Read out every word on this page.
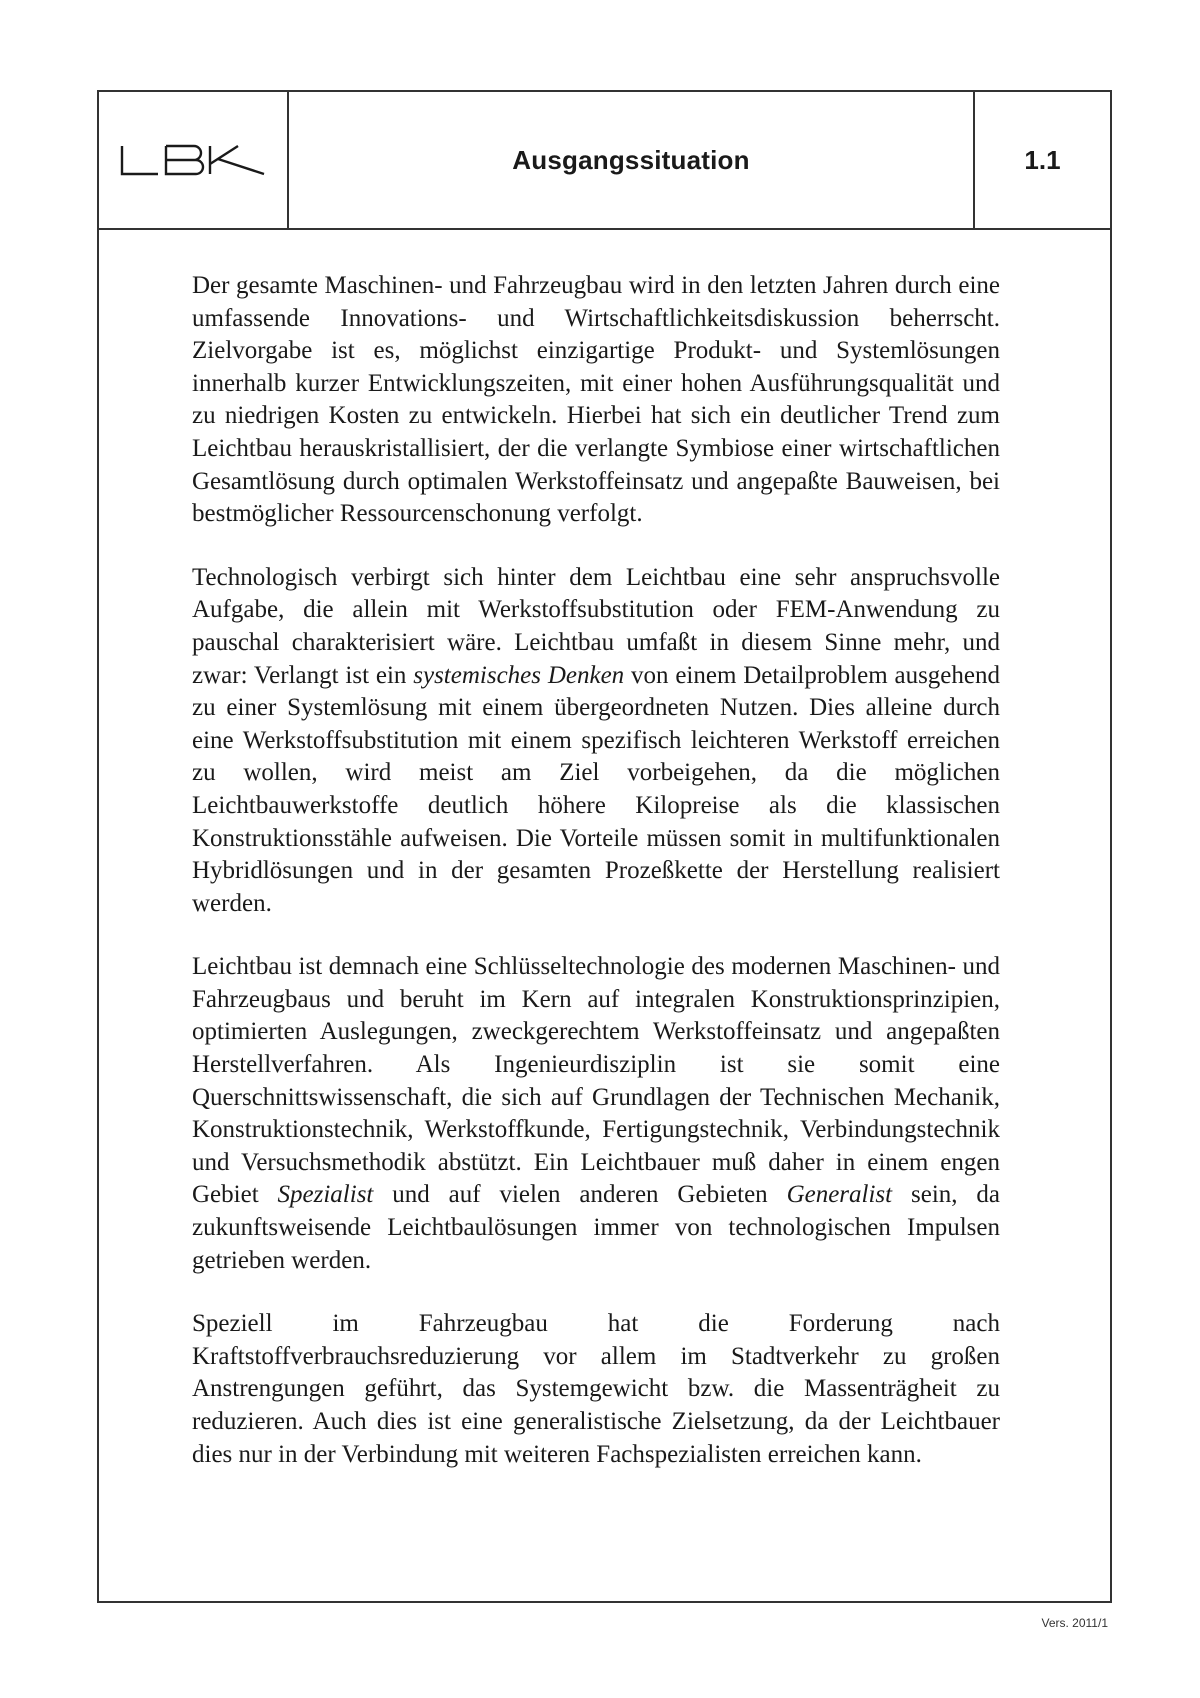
Ausgangssituation	1.1

Der gesamte Maschinen- und Fahrzeugbau wird in den letzten Jahren durch eine umfassende Innovations- und Wirtschaftlichkeitsdiskussion beherrscht. Zielvorgabe ist es, möglichst einzigartige Produkt- und Systemlösungen innerhalb kurzer Entwicklungszeiten, mit einer hohen Ausführungsqualität und zu niedrigen Kosten zu entwickeln. Hierbei hat sich ein deutlicher Trend zum Leichtbau herauskristallisiert, der die verlangte Symbiose einer wirtschaftlichen Gesamtlösung durch optimalen Werkstoffeinsatz und angepaßte Bauweisen, bei bestmöglicher Ressourcenschonung verfolgt.

Technologisch verbirgt sich hinter dem Leichtbau eine sehr anspruchsvolle Aufgabe, die allein mit Werkstoffsubstitution oder FEM-Anwendung zu pauschal charakterisiert wäre. Leichtbau umfaßt in diesem Sinne mehr, und zwar: Verlangt ist ein systemisches Denken von einem Detailproblem ausgehend zu einer Systemlösung mit einem übergeordneten Nutzen. Dies alleine durch eine Werkstoffsubstitution mit einem spezifisch leichteren Werkstoff erreichen zu wollen, wird meist am Ziel vorbeigehen, da die möglichen Leichtbauwerkstoffe deutlich höhere Kilopreise als die klassischen Konstruktionsstähle aufweisen. Die Vorteile müssen somit in multifunktionalen Hybridlösungen und in der gesamten Prozeßkette der Herstellung realisiert werden.

Leichtbau ist demnach eine Schlüsseltechnologie des modernen Maschinen- und Fahrzeugbaus und beruht im Kern auf integralen Konstruktionsprinzipien, optimierten Auslegungen, zweckgerechtem Werkstoffeinsatz und angepaßten Herstellverfahren. Als Ingenieurdisziplin ist sie somit eine Querschnittswissenschaft, die sich auf Grundlagen der Technischen Mechanik, Konstruktionstechnik, Werkstoffkunde, Fertigungstechnik, Verbindungstechnik und Versuchsmethodik abstützt. Ein Leichtbauer muß daher in einem engen Gebiet Spezialist und auf vielen anderen Gebieten Generalist sein, da zukunftsweisende Leichtbaulösungen immer von technologischen Impulsen getrieben werden.

Speziell im Fahrzeugbau hat die Forderung nach Kraftstoffverbrauchsreduzierung vor allem im Stadtverkehr zu großen Anstrengungen geführt, das Systemgewicht bzw. die Massenträgheit zu reduzieren. Auch dies ist eine generalistische Zielsetzung, da der Leichtbauer dies nur in der Verbindung mit weiteren Fachspezialisten erreichen kann.

Vers. 2011/1
